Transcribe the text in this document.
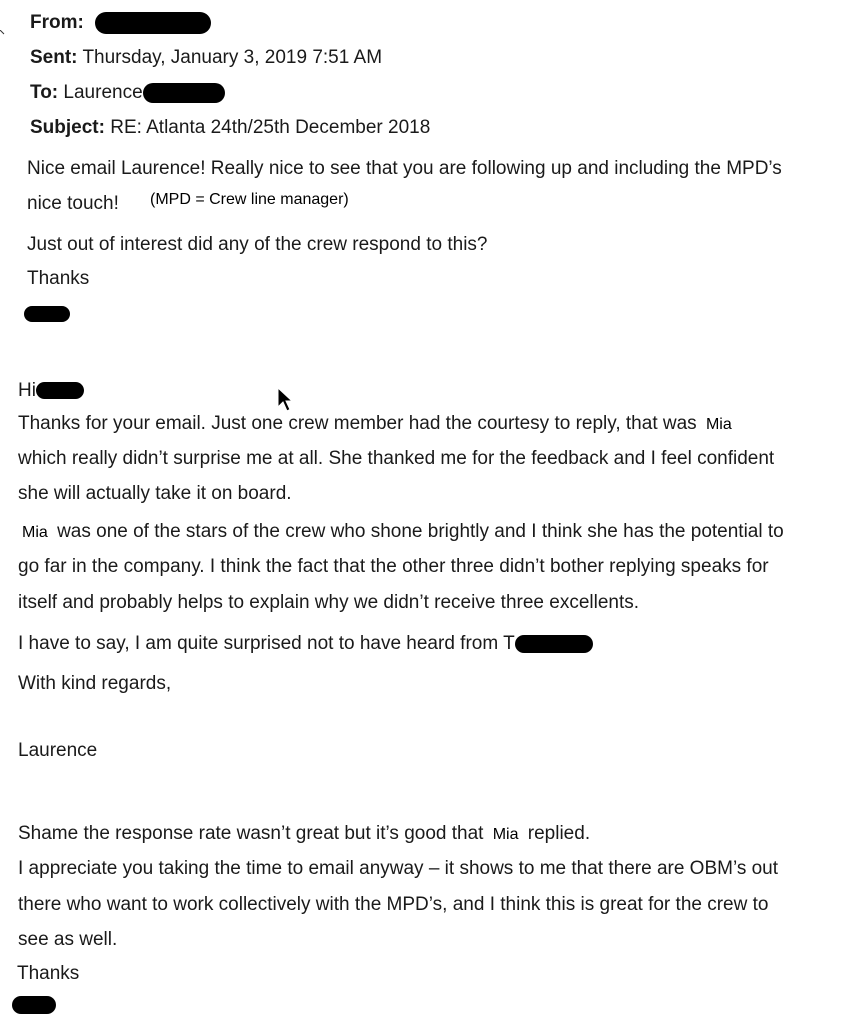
From:
Sent: Thursday, January 3, 2019 7:51 AM
To: Laurence
Subject: RE: Atlanta 24th/25th December 2018
Nice email Laurence! Really nice to see that you are following up and including the MPD’s
nice touch! (MPD = Crew line manager)
Just out of interest did any of the crew respond to this?
Thanks
Hi
Thanks for your email. Just one crew member had the courtesy to reply, that was Mia
which really didn’t surprise me at all. She thanked me for the feedback and I feel confident
she will actually take it on board.
Mia was one of the stars of the crew who shone brightly and I think she has the potential to
go far in the company. I think the fact that the other three didn’t bother replying speaks for
itself and probably helps to explain why we didn’t receive three excellents.
I have to say, I am quite surprised not to have heard from T
With kind regards,
Laurence
Shame the response rate wasn’t great but it’s good that Mia replied.
I appreciate you taking the time to email anyway – it shows to me that there are OBM’s out
there who want to work collectively with the MPD’s, and I think this is great for the crew to
see as well.
Thanks
